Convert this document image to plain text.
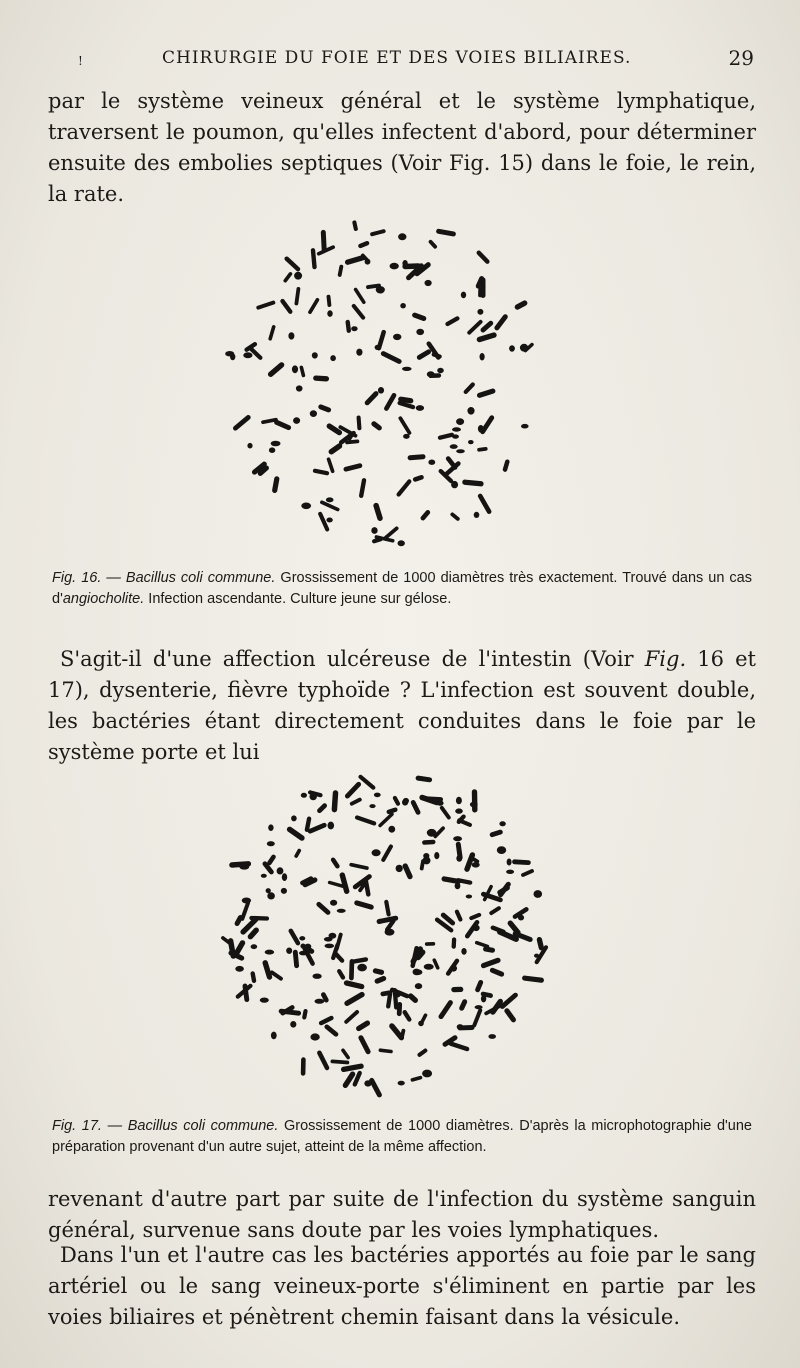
!	CHIRURGIE DU FOIE ET DES VOIES BILIAIRES.	29

par le système veineux général et le système lymphatique, traversent le poumon, qu'elles infectent d'abord, pour déterminer ensuite des embolies septiques (Voir Fig. 15) dans le foie, le rein, la rate.

Fig. 16. — Bacillus coli commune. Grossissement de 1000 diamètres très exactement. Trouvé dans un cas d'angiocholite. Infection ascendante. Culture jeune sur gélose.

S'agit-il d'une affection ulcéreuse de l'intestin (Voir Fig. 16 et 17), dysenterie, fièvre typhoïde ? L'infection est souvent double, les bactéries étant directement conduites dans le foie par le système porte et lui

Fig. 17. — Bacillus coli commune. Grossissement de 1000 diamètres. D'après la microphotographie d'une préparation provenant d'un autre sujet, atteint de la même affection.

revenant d'autre part par suite de l'infection du système sanguin général, survenue sans doute par les voies lymphatiques.

Dans l'un et l'autre cas les bactéries apportés au foie par le sang artériel ou le sang veineux-porte s'éliminent en partie par les voies biliaires et pénètrent chemin faisant dans la vésicule.
